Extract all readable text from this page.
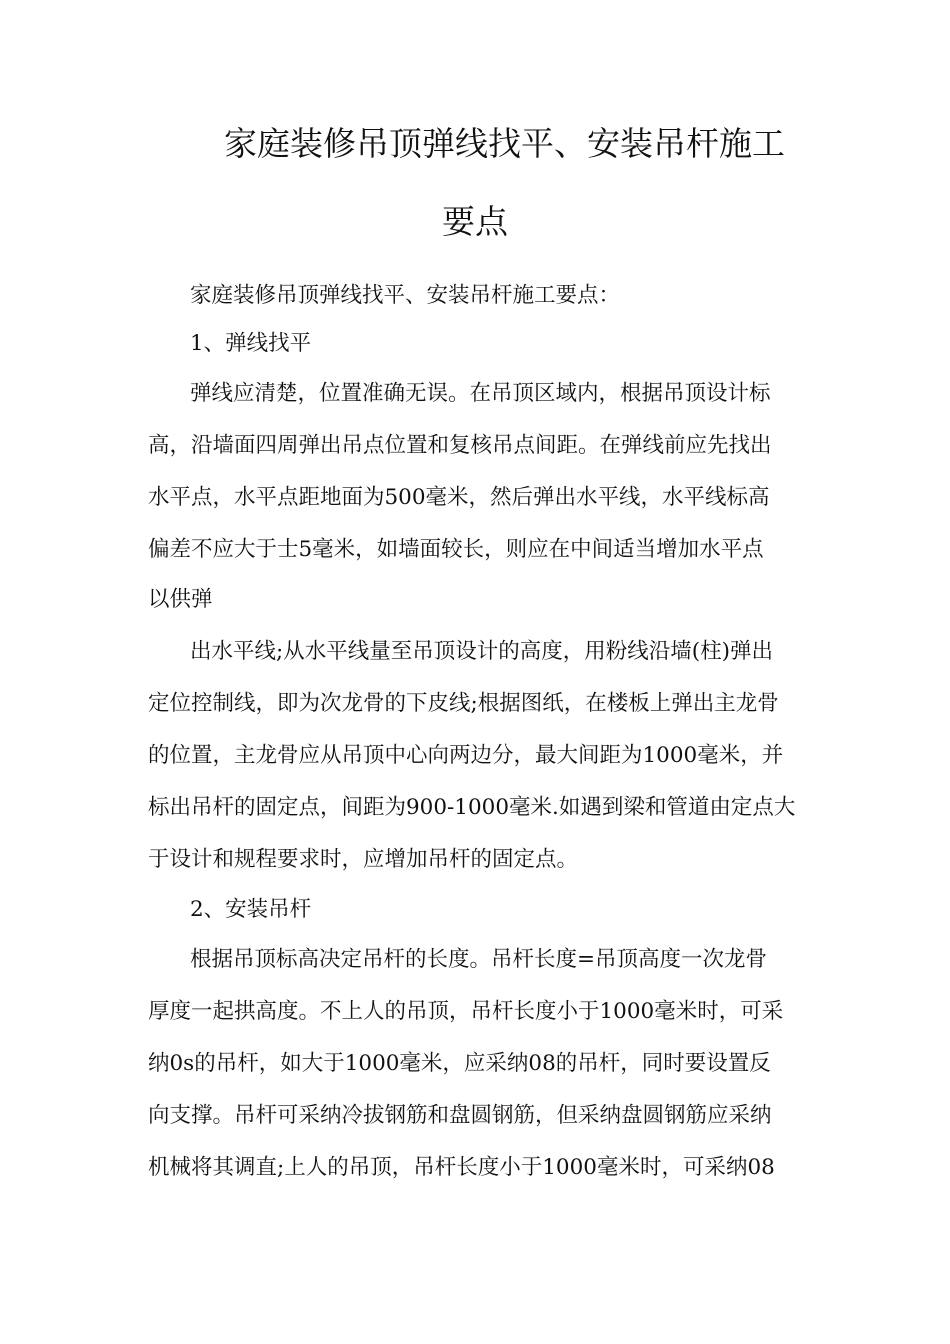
家庭装修吊顶弹线找平、安装吊杆施工
要点

家庭装修吊顶弹线找平、安装吊杆施工要点：

1、弹线找平

弹线应清楚，位置准确无误。在吊顶区域内，根据吊顶设计标

高，沿墙面四周弹出吊点位置和复核吊点间距。在弹线前应先找出

水平点，水平点距地面为500毫米，然后弹出水平线，水平线标高

偏差不应大于士5毫米，如墙面较长，则应在中间适当增加水平点

以供弹

出水平线;从水平线量至吊顶设计的高度，用粉线沿墙(柱)弹出

定位控制线，即为次龙骨的下皮线;根据图纸，在楼板上弹出主龙骨

的位置，主龙骨应从吊顶中心向两边分，最大间距为1000毫米，并

标出吊杆的固定点，间距为900-1000毫米.如遇到梁和管道由定点大

于设计和规程要求时，应增加吊杆的固定点。

2、安装吊杆

根据吊顶标高决定吊杆的长度。吊杆长度=吊顶高度一次龙骨

厚度一起拱高度。不上人的吊顶，吊杆长度小于1000毫米时，可采

纳0s的吊杆，如大于1000毫米，应采纳08的吊杆，同时要设置反

向支撑。吊杆可采纳冷拔钢筋和盘圆钢筋，但采纳盘圆钢筋应采纳

机械将其调直;上人的吊顶，吊杆长度小于1000毫米时，可采纳08
